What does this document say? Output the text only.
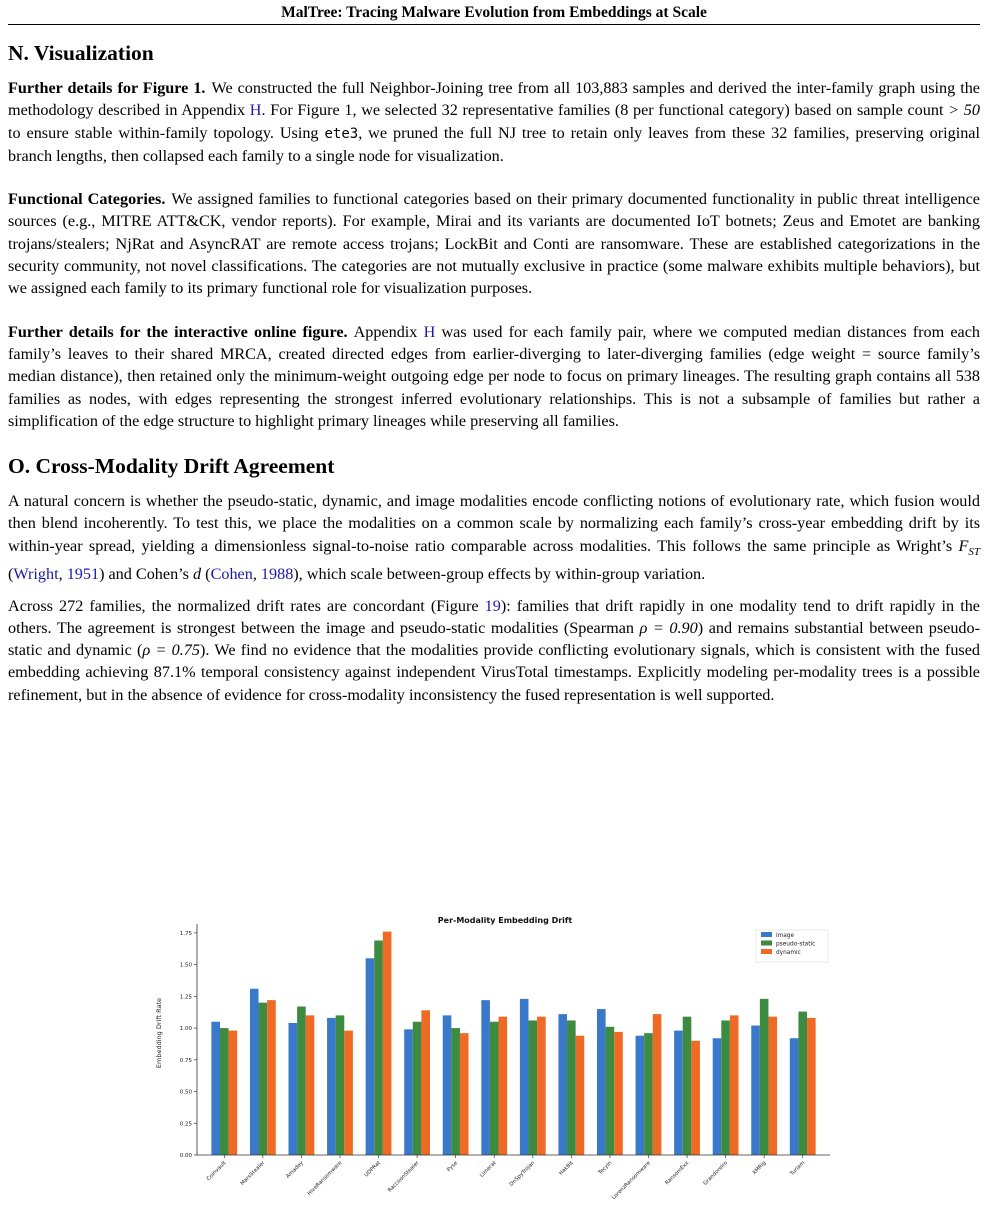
MalTree: Tracing Malware Evolution from Embeddings at Scale
N. Visualization

Further details for Figure 1. We constructed the full Neighbor-Joining tree from all 103,883 samples and derived the inter-family graph using the methodology described in Appendix H. For Figure 1, we selected 32 representative families (8 per functional category) based on sample count > 50 to ensure stable within-family topology. Using ete3, we pruned the full NJ tree to retain only leaves from these 32 families, preserving original branch lengths, then collapsed each family to a single node for visualization.

Functional Categories. We assigned families to functional categories based on their primary documented functionality in public threat intelligence sources (e.g., MITRE ATT&CK, vendor reports). For example, Mirai and its variants are documented IoT botnets; Zeus and Emotet are banking trojans/stealers; NjRat and AsyncRAT are remote access trojans; LockBit and Conti are ransomware. These are established categorizations in the security community, not novel classifications. The categories are not mutually exclusive in practice (some malware exhibits multiple behaviors), but we assigned each family to its primary functional role for visualization purposes.

Further details for the interactive online figure. Appendix H was used for each family pair, where we computed median distances from each family’s leaves to their shared MRCA, created directed edges from earlier-diverging to later-diverging families (edge weight = source family’s median distance), then retained only the minimum-weight outgoing edge per node to focus on primary lineages. The resulting graph contains all 538 families as nodes, with edges representing the strongest inferred evolutionary relationships. This is not a subsample of families but rather a simplification of the edge structure to highlight primary lineages while preserving all families.

O. Cross-Modality Drift Agreement

A natural concern is whether the pseudo-static, dynamic, and image modalities encode conflicting notions of evolutionary rate, which fusion would then blend incoherently. To test this, we place the modalities on a common scale by normalizing each family’s cross-year embedding drift by its within-year spread, yielding a dimensionless signal-to-noise ratio comparable across modalities. This follows the same principle as Wright’s $F_{ST}$ (Wright, 1951) and Cohen’s d (Cohen, 1988), which scale between-group effects by within-group variation.

Across 272 families, the normalized drift rates are concordant (Figure 19): families that drift rapidly in one modality tend to drift rapidly in the others. The agreement is strongest between the image and pseudo-static modalities (Spearman ρ = 0.90) and remains substantial between pseudo-static and dynamic (ρ = 0.75). We find no evidence that the modalities provide conflicting evolutionary signals, which is consistent with the fused embedding achieving 87.1% temporal consistency against independent VirusTotal timestamps. Explicitly modeling per-modality trees is a possible refinement, but in the absence of evidence for cross-modality inconsistency the fused representation is well supported.

Per-Modality Embedding Drift
Embedding Drift Rate
0.00
0.25
0.50
0.75
1.00
1.25
1.50
1.75
Coinvault MarsStealer	Amadey HiveRansomware	UDPRat RaccoonStealer	Pyse	Limerat DnSpyTrojan	HakBit	Tecyin
LorenzRansomware RansomExx Grandoreiro	XMRig	Turlam
image
pseudo-static
dynamic
